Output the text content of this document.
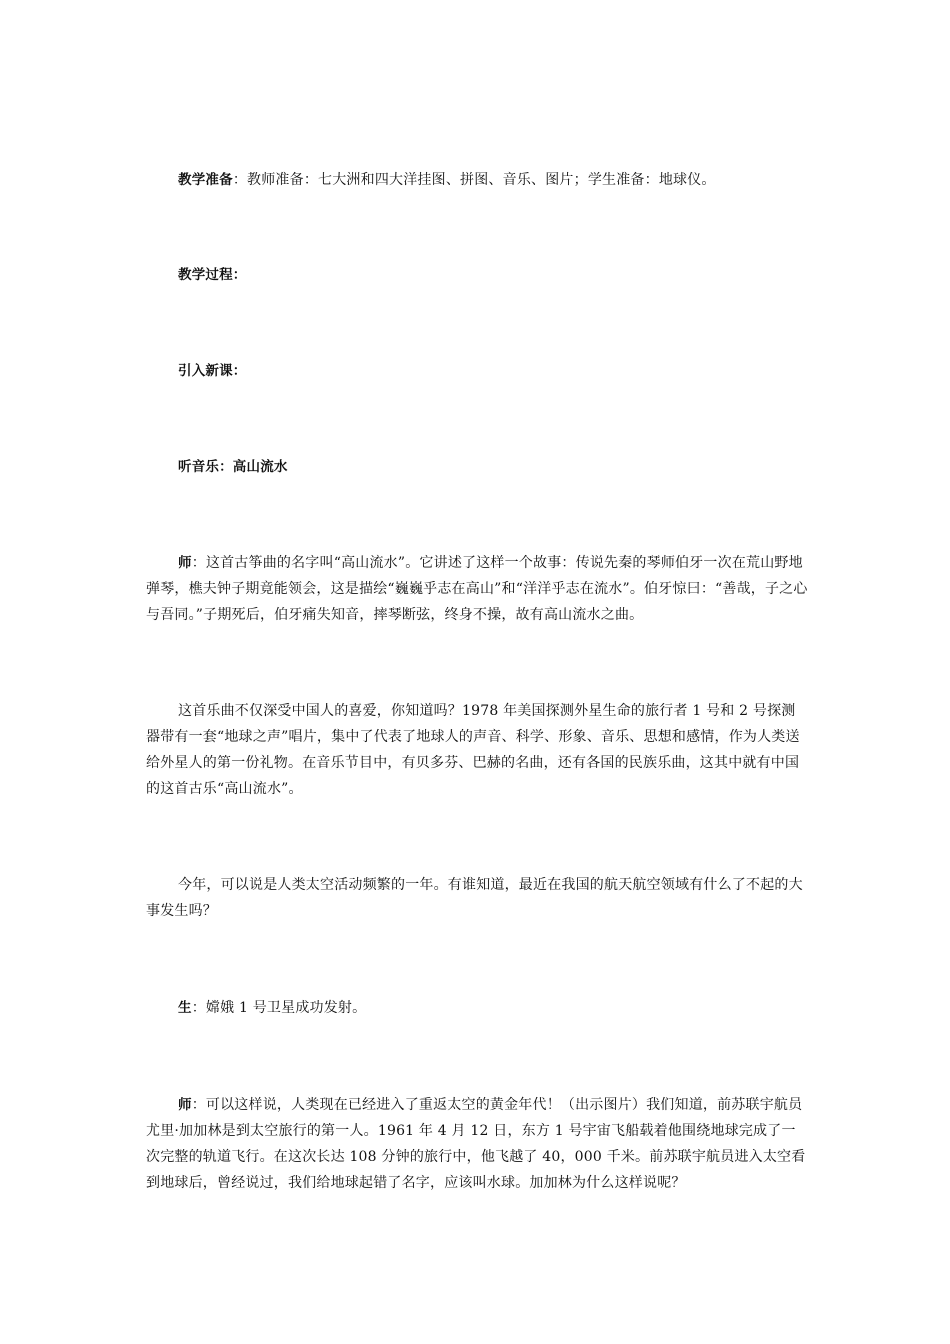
教学准备：教师准备：七大洲和四大洋挂图、拼图、音乐、图片；学生准备：地球仪。

教学过程：

引入新课：

听音乐：高山流水

师：这首古筝曲的名字叫“高山流水”。它讲述了这样一个故事：传说先秦的琴师伯牙一次在荒山野地弹琴，樵夫钟子期竟能领会，这是描绘“巍巍乎志在高山”和“洋洋乎志在流水”。伯牙惊曰：“善哉，子之心与吾同。”子期死后，伯牙痛失知音，摔琴断弦，终身不操，故有高山流水之曲。

这首乐曲不仅深受中国人的喜爱，你知道吗？1978 年美国探测外星生命的旅行者 1 号和 2 号探测器带有一套“地球之声”唱片，集中了代表了地球人的声音、科学、形象、音乐、思想和感情，作为人类送给外星人的第一份礼物。在音乐节目中，有贝多芬、巴赫的名曲，还有各国的民族乐曲，这其中就有中国的这首古乐“高山流水”。

今年，可以说是人类太空活动频繁的一年。有谁知道，最近在我国的航天航空领域有什么了不起的大事发生吗？

生：嫦娥 1 号卫星成功发射。

师：可以这样说，人类现在已经进入了重返太空的黄金年代！（出示图片）我们知道，前苏联宇航员尤里·加加林是到太空旅行的第一人。1961 年 4 月 12 日，东方 1 号宇宙飞船载着他围绕地球完成了一次完整的轨道飞行。在这次长达 108 分钟的旅行中，他飞越了 40，000 千米。前苏联宇航员进入太空看到地球后，曾经说过，我们给地球起错了名字，应该叫水球。加加林为什么这样说呢？
